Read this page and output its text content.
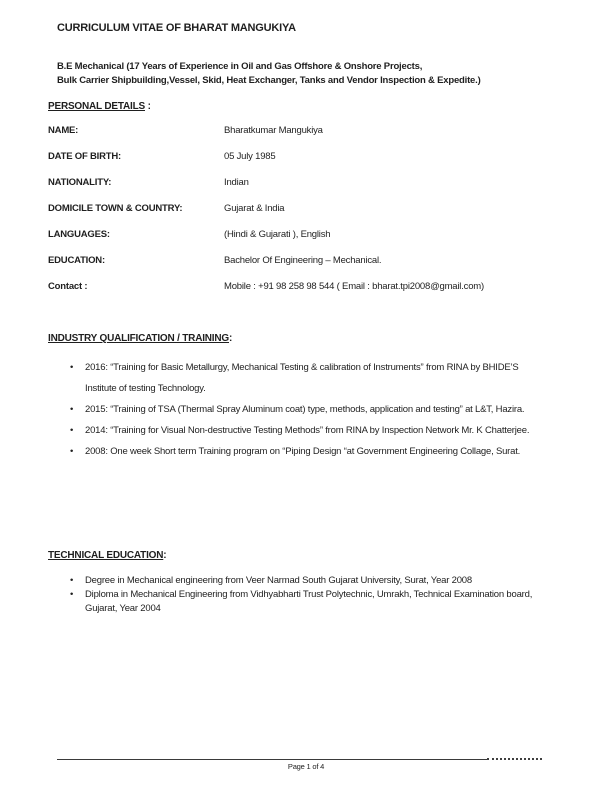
CURRICULUM VITAE OF BHARAT MANGUKIYA
B.E Mechanical (17 Years of Experience in Oil and Gas Offshore & Onshore Projects,
Bulk Carrier Shipbuilding,Vessel, Skid, Heat Exchanger, Tanks and Vendor Inspection & Expedite.)
PERSONAL DETAILS :
NAME:	Bharatkumar Mangukiya
DATE OF BIRTH:	05 July 1985
NATIONALITY:	Indian
DOMICILE TOWN & COUNTRY:	Gujarat & India
LANGUAGES:	(Hindi & Gujarati ), English
EDUCATION:	Bachelor Of Engineering – Mechanical.
Contact :	Mobile : +91 98 258 98 544 ( Email : bharat.tpi2008@gmail.com)
INDUSTRY QUALIFICATION / TRAINING:
•	2016: “Training for Basic Metallurgy, Mechanical Testing & calibration of Instruments” from RINA by BHIDE’S Institute of testing Technology.
•	2015: “Training of TSA (Thermal Spray Aluminum coat) type, methods, application and testing” at L&T, Hazira.
•	2014: “Training for Visual Non-destructive Testing Methods” from RINA by Inspection Network Mr. K Chatterjee.
•	2008: One week Short term Training program on “Piping Design “at Government Engineering Collage, Surat.
TECHNICAL EDUCATION:
•	Degree in Mechanical engineering from Veer Narmad South Gujarat University, Surat, Year 2008
•	Diploma in Mechanical Engineering from Vidhyabharti Trust Polytechnic, Umrakh, Technical Examination board, Gujarat, Year 2004
Page 1 of 4
